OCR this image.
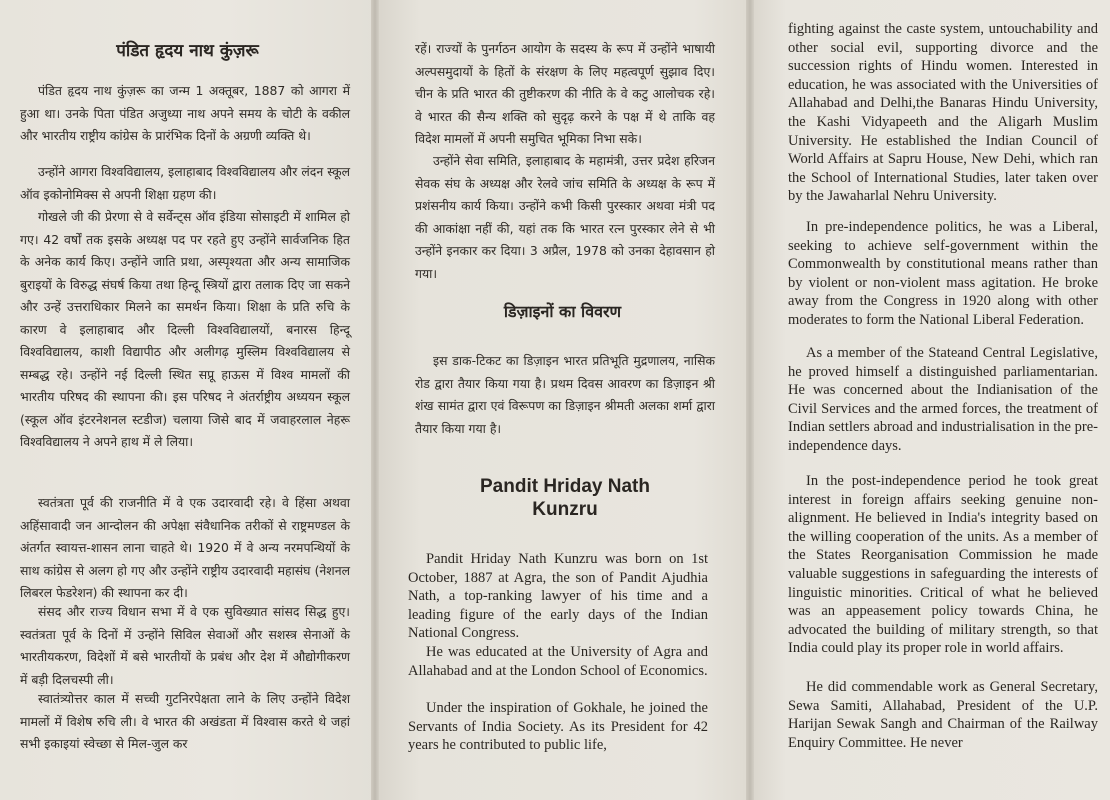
पंडित हृदय नाथ कुंज़रू

पंडित हृदय नाथ कुंज़रू का जन्म 1 अक्तूबर, 1887 को आगरा में हुआ था। उनके पिता पंडित अजुध्या नाथ अपने समय के चोटी के वकील और भारतीय राष्ट्रीय कांग्रेस के प्रारंभिक दिनों के अग्रणी व्यक्ति थे।

उन्होंने आगरा विश्वविद्यालय, इलाहाबाद विश्वविद्यालय और लंदन स्कूल ऑव इकोनोमिक्स से अपनी शिक्षा ग्रहण की।

गोखले जी की प्रेरणा से वे सर्वेन्ट्स ऑव इंडिया सोसाइटी में शामिल हो गए। 42 वर्षों तक इसके अध्यक्ष पद पर रहते हुए उन्होंने सार्वजनिक हित के अनेक कार्य किए। उन्होंने जाति प्रथा, अस्पृश्यता और अन्य सामाजिक बुराइयों के विरुद्ध संघर्ष किया तथा हिन्दू स्त्रियों द्वारा तलाक दिए जा सकने और उन्हें उत्तराधिकार मिलने का समर्थन किया। शिक्षा के प्रति रुचि के कारण वे इलाहाबाद और दिल्ली विश्वविद्यालयों, बनारस हिन्दू विश्वविद्यालय, काशी विद्यापीठ और अलीगढ़ मुस्लिम विश्वविद्यालय से सम्बद्ध रहे। उन्होंने नई दिल्ली स्थित सप्रू हाऊस में विश्व मामलों की भारतीय परिषद की स्थापना की। इस परिषद ने अंतर्राष्ट्रीय अध्ययन स्कूल (स्कूल ऑव इंटरनेशनल स्टडीज) चलाया जिसे बाद में जवाहरलाल नेहरू विश्वविद्यालय ने अपने हाथ में ले लिया।

स्वतंत्रता पूर्व की राजनीति में वे एक उदारवादी रहे। वे हिंसा अथवा अहिंसावादी जन आन्दोलन की अपेक्षा संवैधानिक तरीकों से राष्ट्रमण्डल के अंतर्गत स्वायत्त-शासन लाना चाहते थे। 1920 में वे अन्य नरमपन्थियों के साथ कांग्रेस से अलग हो गए और उन्होंने राष्ट्रीय उदारवादी महासंघ (नेशनल लिबरल फेडरेशन) की स्थापना कर दी।

संसद और राज्य विधान सभा में वे एक सुविख्यात सांसद सिद्ध हुए। स्वतंत्रता पूर्व के दिनों में उन्होंने सिविल सेवाओं और सशस्त्र सेनाओं के भारतीयकरण, विदेशों में बसे भारतीयों के प्रबंध और देश में औद्योगीकरण में बड़ी दिलचस्पी ली।

स्वातंत्र्योत्तर काल में सच्ची गुटनिरपेक्षता लाने के लिए उन्होंने विदेश मामलों में विशेष रुचि ली। वे भारत की अखंडता में विश्वास करते थे जहां सभी इकाइयां स्वेच्छा से मिल-जुल कर

रहें। राज्यों के पुनर्गठन आयोग के सदस्य के रूप में उन्होंने भाषायी अल्पसमुदायों के हितों के संरक्षण के लिए महत्वपूर्ण सुझाव दिए। चीन के प्रति भारत की तुष्टीकरण की नीति के वे कटु आलोचक रहे। वे भारत की सैन्य शक्ति को सुदृढ़ करने के पक्ष में थे ताकि वह विदेश मामलों में अपनी समुचित भूमिका निभा सके।

उन्होंने सेवा समिति, इलाहाबाद के महामंत्री, उत्तर प्रदेश हरिजन सेवक संघ के अध्यक्ष और रेलवे जांच समिति के अध्यक्ष के रूप में प्रशंसनीय कार्य किया। उन्होंने कभी किसी पुरस्कार अथवा मंत्री पद की आकांक्षा नहीं की, यहां तक कि भारत रत्न पुरस्कार लेने से भी उन्होंने इनकार कर दिया। 3 अप्रैल, 1978 को उनका देहावसान हो गया।

डिज़ाइनों का विवरण

इस डाक-टिकट का डिज़ाइन भारत प्रतिभूति मुद्रणालय, नासिक रोड द्वारा तैयार किया गया है। प्रथम दिवस आवरण का डिज़ाइन श्री शंख सामंत द्वारा एवं विरूपण का डिज़ाइन श्रीमती अलका शर्मा द्वारा तैयार किया गया है।

Pandit Hriday Nath
Kunzru

Pandit Hriday Nath Kunzru was born on 1st October, 1887 at Agra, the son of Pandit Ajudhia Nath, a top-ranking lawyer of his time and a leading figure of the early days of the Indian National Congress.

He was educated at the University of Agra and Allahabad and at the London School of Economics.

Under the inspiration of Gokhale, he joined the Servants of India Society. As its President for 42 years he contributed to public life,

fighting against the caste system, untouchability and other social evil, supporting divorce and the succession rights of Hindu women. Interested in education, he was associated with the Universities of Allahabad and Delhi,the Banaras Hindu University, the Kashi Vidyapeeth and the Aligarh Muslim University. He established the Indian Council of World Affairs at Sapru House, New Dehi, which ran the School of International Studies, later taken over by the Jawaharlal Nehru University.

In pre-independence politics, he was a Liberal, seeking to achieve self-government within the Commonwealth by constitutional means rather than by violent or non-violent mass agitation. He broke away from the Congress in 1920 along with other moderates to form the National Liberal Federation.

As a member of the Stateand Central Legislative, he proved himself a distinguished parliamentarian. He was concerned about the Indianisation of the Civil Services and the armed forces, the treatment of Indian settlers abroad and industrialisation in the pre-independence days.

In the post-independence period he took great interest in foreign affairs seeking genuine non-alignment. He believed in India's integrity based on the willing cooperation of the units. As a member of the States Reorganisation Commission he made valuable suggestions in safeguarding the interests of linguistic minorities. Critical of what he believed was an appeasement policy towards China, he advocated the building of military strength, so that India could play its proper role in world affairs.

He did commendable work as General Secretary, Sewa Samiti, Allahabad, President of the U.P. Harijan Sewak Sangh and Chairman of the Railway Enquiry Committee. He never
